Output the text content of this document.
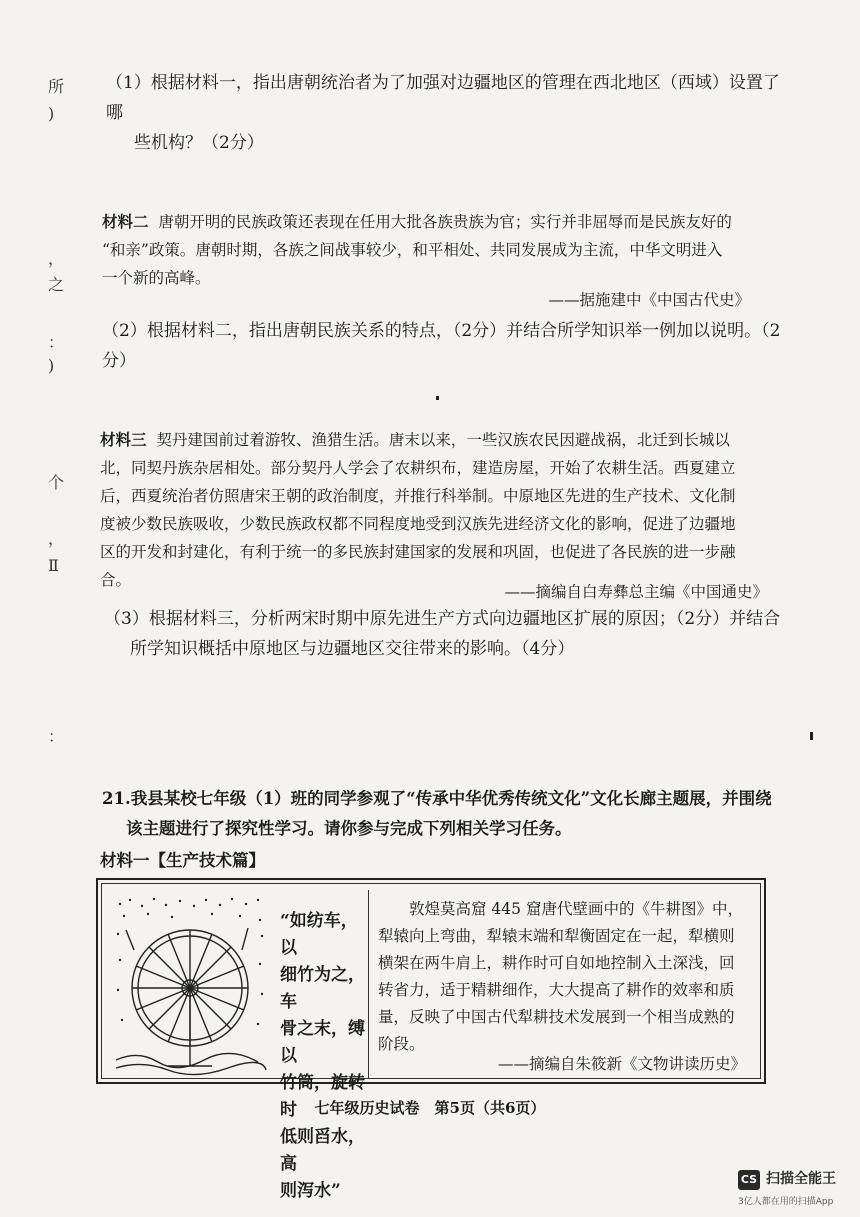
所
)
，
之
：
)
个
，
Ⅱ
：
（1）根据材料一，指出唐朝统治者为了加强对边疆地区的管理在西北地区（西域）设置了哪
些机构？（2分）
材料二 唐朝开明的民族政策还表现在任用大批各族贵族为官；实行并非屈辱而是民族友好的
“和亲”政策。唐朝时期，各族之间战事较少，和平相处、共同发展成为主流，中华文明进入
一个新的高峰。
——据施建中《中国古代史》
（2）根据材料二，指出唐朝民族关系的特点，（2分）并结合所学知识举一例加以说明。（2分）
材料三 契丹建国前过着游牧、渔猎生活。唐末以来，一些汉族农民因避战祸，北迁到长城以
北，同契丹族杂居相处。部分契丹人学会了农耕织布，建造房屋，开始了农耕生活。西夏建立
后，西夏统治者仿照唐宋王朝的政治制度，并推行科举制。中原地区先进的生产技术、文化制
度被少数民族吸收，少数民族政权都不同程度地受到汉族先进经济文化的影响，促进了边疆地
区的开发和封建化，有利于统一的多民族封建国家的发展和巩固，也促进了各民族的进一步融
合。
——摘编自白寿彝总主编《中国通史》
（3）根据材料三，分析两宋时期中原先进生产方式向边疆地区扩展的原因；（2分）并结合
所学知识概括中原地区与边疆地区交往带来的影响。（4分）
21.我县某校七年级（1）班的同学参观了“传承中华优秀传统文化”文化长廊主题展，并围绕
该主题进行了探究性学习。请你参与完成下列相关学习任务。
材料一【生产技术篇】
“如纺车，以
细竹为之，车
骨之末，缚以
竹筒，旋转时
低则舀水，高
则泻水”
敦煌莫高窟 445 窟唐代壁画中的《牛耕图》中，
犁辕向上弯曲，犁辕末端和犁衡固定在一起，犁横则
横架在两牛肩上，耕作时可自如地控制入土深浅，回
转省力，适于精耕细作，大大提高了耕作的效率和质
量，反映了中国古代犁耕技术发展到一个相当成熟的
阶段。
——摘编自朱筱新《文物讲读历史》
七年级历史试卷　第5页（共6页）
CS 扫描全能王
3亿人都在用的扫描App
